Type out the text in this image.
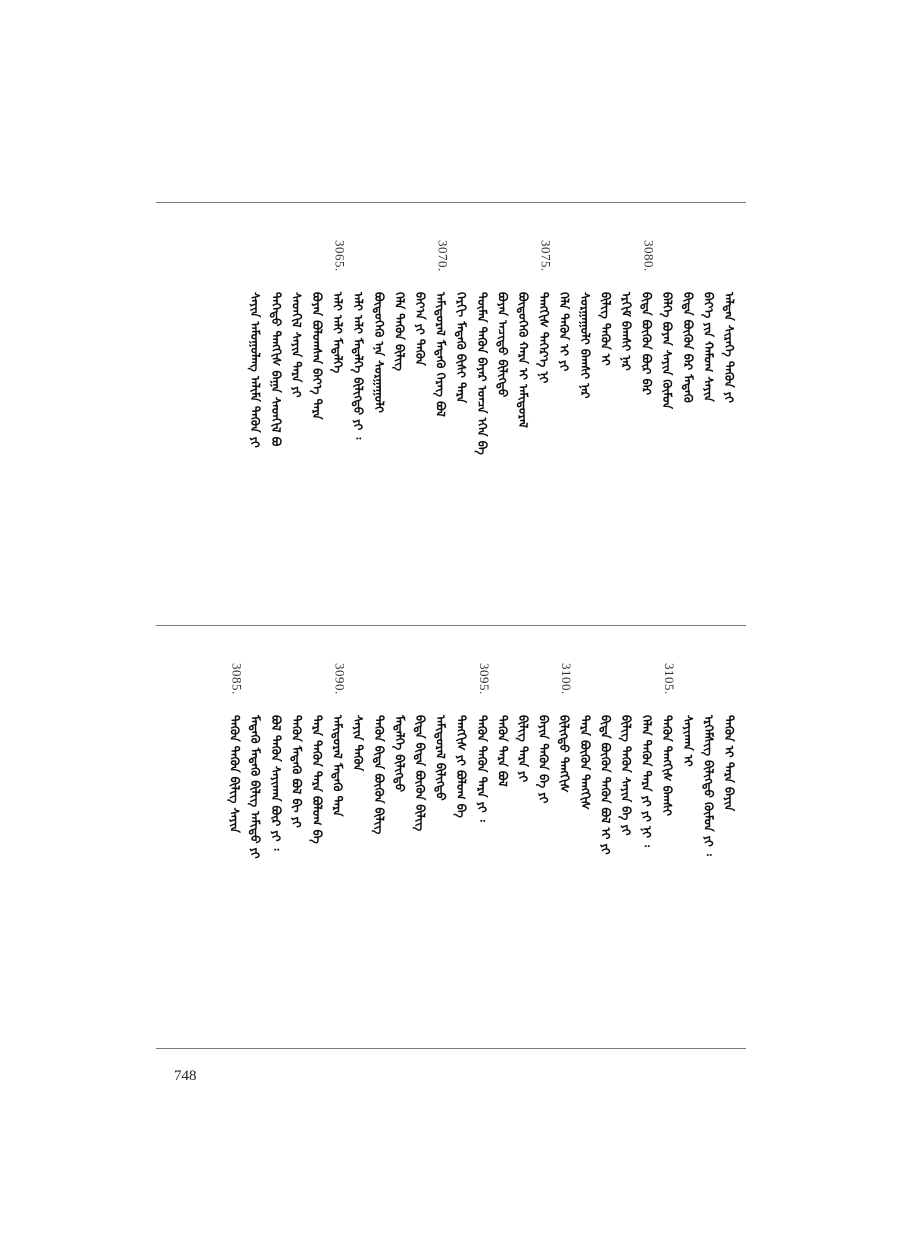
ᠠᠯᠲᠠᠨ ᠰᠢᠷᠡᠭᠡ ᠲᠡᠭᠦᠨ ᠶᠢ
ᠪᠡᠶ᠎ᠡ ᠶᠢᠨ ᠬᠠᠮᠤᠭ ᠰᠠᠶᠢᠨ
ᠪᠢᠳᠡ ᠪᠦᠬᠦᠨ ᠪᠡᠷ ᠮᠡᠳᠡᠬᠦ
ᠪᠡᠯᠭᠡ ᠪᠤᠶᠠᠨ ᠰᠠᠶᠢᠨ ᠬᠦᠮᠦᠨ
3080.
ᠪᠢᠳᠡ ᠪᠦᠬᠦᠨ ᠪᠦᠷ ᠪᠡᠷ
ᠡᠷᠬᠢᠮ ᠪᠠᠭᠰᠢ ᠨᠠᠷ
ᠪᠢᠯᠢᠭ ᠲᠡᠭᠦᠨ ᠢ
ᠰᠤᠷᠭᠠᠭᠤᠯᠢ ᠪᠠᠭᠰᠢ ᠨᠠᠷ
ᠬᠡᠯᠡ ᠲᠡᠭᠦᠨ ᠢ ᠶᠢ
3075.
ᠲᠡᠩᠭᠢᠰ ᠳᠡᠭᠡᠷ᠎ᠡ ᠨᠢ
ᠪᠦᠲᠦᠭᠡᠬᠦ ᠬᠠᠷᠠ ᠢ ᠠᠮᠢᠳᠤᠷᠠᠯ
ᠪᠤᠶᠠᠨ ᠠᠴᠢᠲᠤ ᠪᠢᠯᠢᠭᠲᠦ
ᠲᠦᠮᠡᠨ ᠲᠡᠭᠦᠨ ᠪᠠᠶᠠᠷ ᠣᠨᠴᠠ ᠡᠭᠡᠨ ᠪᠡ
ᠬᠡᠷᠬᠢ ᠮᠡᠳᠡᠬᠦ ᠪᠢᠰᠢ ᠲᠡᠷᠡ
3070.
ᠠᠮᠢᠳᠤᠷᠠᠯ ᠮᠡᠳᠡᠬᠦ ᠬᠡᠷᠡᠭ ᠪᠣᠯ
ᠪᠠᠶ᠎ᠠ ᠶᠢ ᠲᠡᠭᠦᠨ
ᠬᠡᠯᠡ ᠲᠡᠭᠦᠨ ᠪᠢᠯᠢᠭ
ᠪᠦᠲᠦᠭᠡᠬᠦ ᠡᠨᠡ ᠰᠤᠷᠭᠠᠭᠤᠯᠢ
ᠠᠯᠢ ᠠᠯᠢ ᠮᠡᠳᠡᠯᠭᠡ ᠪᠢᠯᠢᠭᠲᠦ ᠶᠢ ᠄
3065.
ᠠᠯᠢ ᠠᠯᠢ ᠮᠡᠳᠡᠯᠭᠡ
ᠪᠤᠶᠠᠨ ᠪᠣᠯᠤᠭᠰᠠᠨ ᠪᠡᠶ᠎ᠡ ᠲᠡᠷᠡ
ᠰᠡᠳᠬᠢᠯ ᠰᠠᠶᠢᠨ ᠲᠡᠷᠡ ᠶᠢ
ᠳᠡᠭᠡᠳᠦ ᠲᠡᠩᠭᠢᠰ ᠪᠠᠭᠠ ᠰᠡᠳᠬᠢᠯ ᠪᠤ
ᠰᠠᠶᠢᠨ ᠠᠮᠤᠭᠤᠯᠠᠩ ᠠᠯᠢᠮᠠ ᠲᠡᠭᠦᠨ ᠶᠢ
ᠲᠡᠭᠦᠨ ᠢ ᠲᠡᠷᠡ ᠪᠠᠶᠢᠨ
ᠡᠷᠬᠡᠮᠰᠢᠭ ᠪᠢᠯᠢᠭᠲᠦ ᠬᠦᠮᠦᠨ ᠶᠢ ᠄
ᠰᠠᠶᠢᠬᠠᠨ ᠢ
3105.
ᠲᠡᠭᠦᠨ ᠲᠡᠩᠭᠢᠰ ᠪᠠᠭᠰᠢ
ᠬᠡᠯᠡᠨ ᠲᠡᠭᠦᠨ ᠲᠡᠷᠡ ᠶᠢ ᠶᠢ ᠨᠢ ᠄
ᠪᠢᠯᠢᠭ ᠲᠡᠭᠦᠨ ᠰᠠᠶᠢᠨ ᠪᠡ ᠶᠢ
ᠪᠢᠳᠡ ᠪᠦᠬᠦᠨ ᠲᠡᠭᠦᠨ ᠪᠣᠯ ᠢ ᠶᠢ
ᠲᠡᠷᠡ ᠪᠦᠬᠦᠨ ᠲᠡᠩᠭᠢᠰ
3100.
ᠪᠢᠯᠢᠭᠲᠦ ᠲᠡᠩᠭᠢᠰ
ᠪᠠᠶᠢᠨ ᠲᠡᠭᠦᠨ ᠪᠡ ᠶᠢ
ᠪᠢᠯᠢᠭ ᠲᠡᠷᠡ ᠶᠢ
ᠲᠡᠭᠦᠨ ᠲᠡᠷᠡ ᠪᠣᠯ
3095.
ᠲᠡᠭᠦᠨ ᠲᠡᠭᠦᠨ ᠲᠡᠷᠡ ᠶᠢ ᠄
ᠲᠡᠩᠭᠢᠰ ᠶᠢ ᠪᠣᠯᠤᠭ ᠪᠡ
ᠠᠮᠢᠳᠤᠷᠠᠯ ᠪᠢᠯᠢᠭᠲᠦ
ᠪᠢᠳᠡ ᠪᠢᠳᠡ ᠪᠦᠬᠦᠨ ᠪᠢᠯᠢᠭ
ᠮᠡᠳᠡᠯᠭᠡ ᠪᠢᠯᠢᠭᠲᠦ
ᠲᠡᠭᠦᠨ ᠪᠢᠳᠡ ᠪᠦᠬᠦᠨ ᠪᠢᠯᠢᠭ
ᠰᠠᠶᠢᠨ ᠲᠡᠭᠦᠨ
3090.
ᠠᠮᠢᠳᠤᠷᠠᠯ ᠮᠡᠳᠡᠬᠦ ᠲᠡᠷᠡ
ᠲᠡᠷᠡ ᠲᠡᠭᠦᠨ ᠲᠡᠷᠡ ᠪᠣᠯᠤᠭ ᠪᠡ
ᠲᠡᠭᠦᠨ ᠮᠡᠳᠡᠬᠦ ᠪᠣᠯ ᠪᠢ ᠶᠢ
ᠪᠣᠯ ᠲᠡᠭᠦᠨ ᠰᠠᠶᠢᠬᠠᠨ ᠪᠦᠷ ᠶᠢ ᠄
ᠮᠡᠳᠡᠬᠦ ᠮᠡᠳᠡᠬᠦ ᠪᠢᠯᠢᠭ ᠠᠮᠢᠳᠤ ᠶᠢ
3085.
ᠲᠡᠭᠦᠨ ᠲᠡᠭᠦᠨ ᠪᠢᠯᠢᠭ ᠰᠠᠶᠢᠨ
748
